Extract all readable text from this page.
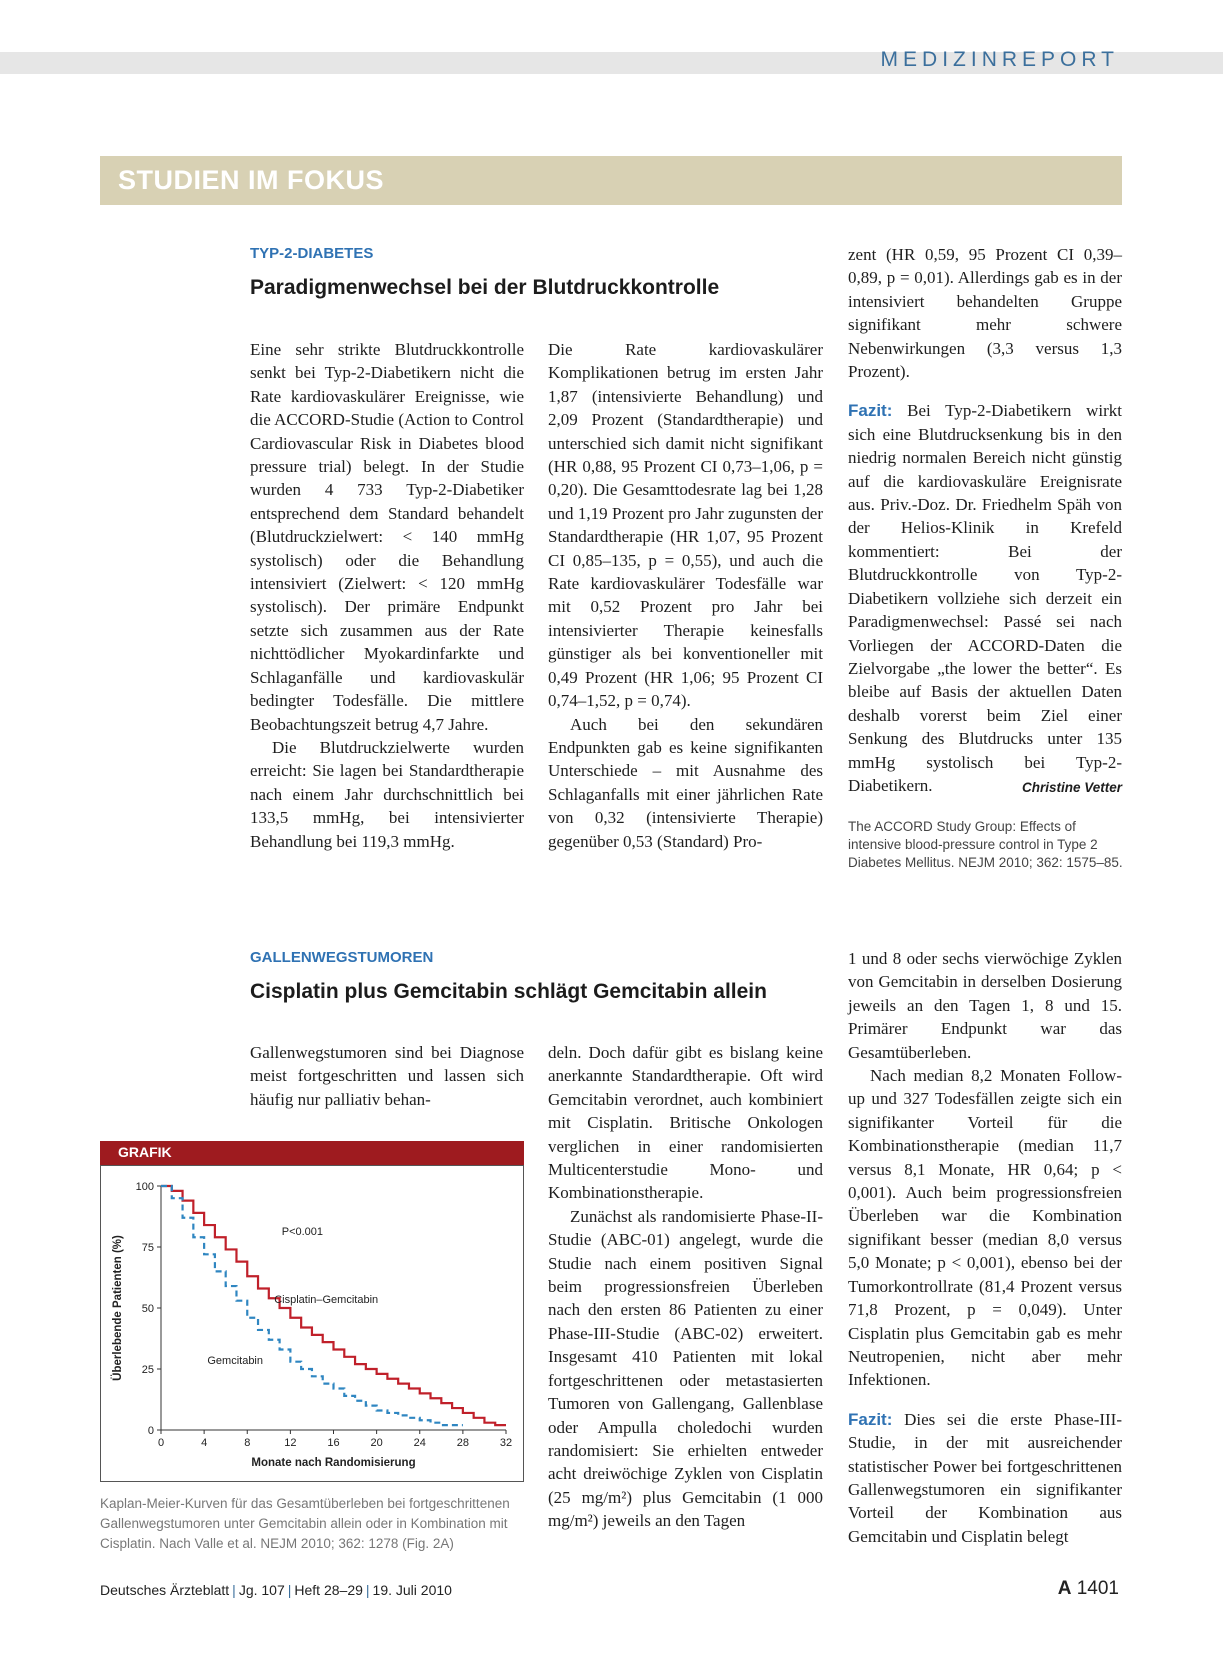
MEDIZINREPORT
STUDIEN IM FOKUS
TYP-2-DIABETES
Paradigmenwechsel bei der Blutdruckkontrolle

Eine sehr strikte Blutdruckkontrolle senkt bei Typ-2-Diabetikern nicht die Rate kardiovaskulärer Ereignisse, wie die ACCORD-Studie (Action to Control Cardiovascular Risk in Diabetes blood pressure trial) belegt. In der Studie wurden 4 733 Typ-2-Diabetiker entsprechend dem Standard behandelt (Blutdruckzielwert: < 140 mmHg systolisch) oder die Behandlung intensiviert (Zielwert: < 120 mmHg systolisch). Der primäre Endpunkt setzte sich zusammen aus der Rate nichttödlicher Myokardinfarkte und Schlaganfälle und kardiovaskulär bedingter Todesfälle. Die mittlere Beobachtungszeit betrug 4,7 Jahre.

Die Blutdruckzielwerte wurden erreicht: Sie lagen bei Standardtherapie nach einem Jahr durchschnittlich bei 133,5 mmHg, bei intensivierter Behandlung bei 119,3 mmHg.

Die Rate kardiovaskulärer Komplikationen betrug im ersten Jahr 1,87 (intensivierte Behandlung) und 2,09 Prozent (Standardtherapie) und unterschied sich damit nicht signifikant (HR 0,88, 95 Prozent CI 0,73–1,06, p = 0,20). Die Gesamttodesrate lag bei 1,28 und 1,19 Prozent pro Jahr zugunsten der Standardtherapie (HR 1,07, 95 Prozent CI 0,85–135, p = 0,55), und auch die Rate kardiovaskulärer Todesfälle war mit 0,52 Prozent pro Jahr bei intensivierter Therapie keinesfalls günstiger als bei konventioneller mit 0,49 Prozent (HR 1,06; 95 Prozent CI 0,74–1,52, p = 0,74).

Auch bei den sekundären Endpunkten gab es keine signifikanten Unterschiede – mit Ausnahme des Schlaganfalls mit einer jährlichen Rate von 0,32 (intensivierte Therapie) gegenüber 0,53 (Standard) Pro-

zent (HR 0,59, 95 Prozent CI 0,39–0,89, p = 0,01). Allerdings gab es in der intensiviert behandelten Gruppe signifikant mehr schwere Nebenwirkungen (3,3 versus 1,3 Prozent).

Fazit: Bei Typ-2-Diabetikern wirkt sich eine Blutdrucksenkung bis in den niedrig normalen Bereich nicht günstig auf die kardiovaskuläre Ereignisrate aus. Priv.-Doz. Dr. Friedhelm Späh von der Helios-Klinik in Krefeld kommentiert: Bei der Blutdruckkontrolle von Typ-2-Diabetikern vollziehe sich derzeit ein Paradigmenwechsel: Passé sei nach Vorliegen der ACCORD-Daten die Zielvorgabe „the lower the better“. Es bleibe auf Basis der aktuellen Daten deshalb vorerst beim Ziel einer Senkung des Blutdrucks unter 135 mmHg systolisch bei Typ-2-Diabetikern.	Christine Vetter

The ACCORD Study Group: Effects of intensive blood-pressure control in Type 2 Diabetes Mellitus. NEJM 2010; 362: 1575–85.
GALLENWEGSTUMOREN
Cisplatin plus Gemcitabin schlägt Gemcitabin allein

Gallenwegstumoren sind bei Diagnose meist fortgeschritten und lassen sich häufig nur palliativ behan-

deln. Doch dafür gibt es bislang keine anerkannte Standardtherapie. Oft wird Gemcitabin verordnet, auch kombiniert mit Cisplatin. Britische Onkologen verglichen in einer randomisierten Multicenterstudie Mono- und Kombinationstherapie.

Zunächst als randomisierte Phase-II-Studie (ABC-01) angelegt, wurde die Studie nach einem positiven Signal beim progressionsfreien Überleben nach den ersten 86 Patienten zu einer Phase-III-Studie (ABC-02) erweitert. Insgesamt 410 Patienten mit lokal fortgeschrittenen oder metastasierten Tumoren von Gallengang, Gallenblase oder Ampulla choledochi wurden randomisiert: Sie erhielten entweder acht dreiwöchige Zyklen von Cisplatin (25 mg/m²) plus Gemcitabin (1 000 mg/m²) jeweils an den Tagen

1 und 8 oder sechs vierwöchige Zyklen von Gemcitabin in derselben Dosierung jeweils an den Tagen 1, 8 und 15. Primärer Endpunkt war das Gesamtüberleben.

Nach median 8,2 Monaten Follow-up und 327 Todesfällen zeigte sich ein signifikanter Vorteil für die Kombinationstherapie (median 11,7 versus 8,1 Monate, HR 0,64; p < 0,001). Auch beim progressionsfreien Überleben war die Kombination signifikant besser (median 8,0 versus 5,0 Monate; p < 0,001), ebenso bei der Tumorkontrollrate (81,4 Prozent versus 71,8 Prozent, p = 0,049). Unter Cisplatin plus Gemcitabin gab es mehr Neutropenien, nicht aber mehr Infektionen.

Fazit: Dies sei die erste Phase-III-Studie, in der mit ausreichender statistischer Power bei fortgeschrittenen Gallenwegstumoren ein signifikanter Vorteil der Kombination aus Gemcitabin und Cisplatin belegt

GRAFIK
0	4	8	12	16	20	24	28	32
0
25
50
75
100
Monate nach Randomisierung
Überlebende Patienten (%)	Cisplatin–Gemcitabin
Gemcitabin
P<0.001
Kaplan-Meier-Kurven für das Gesamtüberleben bei fortgeschrittenen Gallenwegstumoren unter Gemcitabin allein oder in Kombination mit Cisplatin. Nach Valle et al. NEJM 2010; 362: 1278 (Fig. 2A)
Deutsches Ärzteblatt | Jg. 107 | Heft 28–29 | 19. Juli 2010	A 1401
